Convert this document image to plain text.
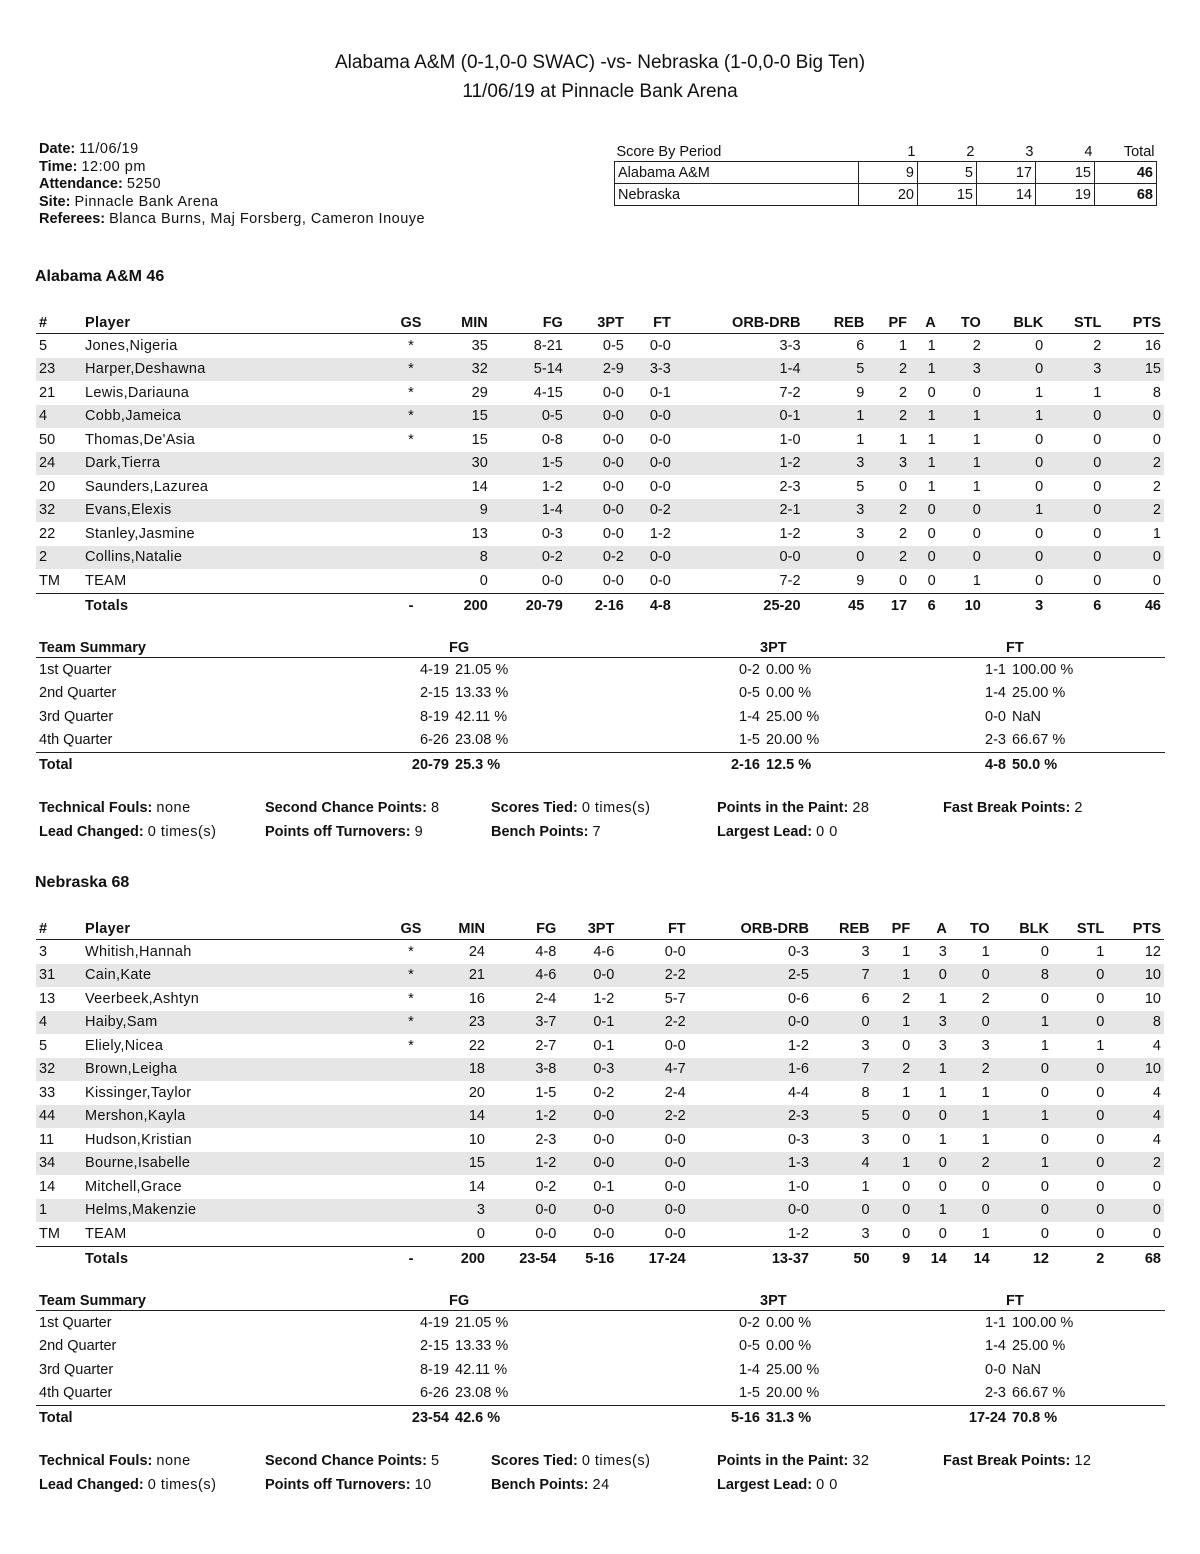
Alabama A&M (0-1,0-0 SWAC) -vs- Nebraska (1-0,0-0 Big Ten)
11/06/19 at Pinnacle Bank Arena
Date: 11/06/19
Time: 12:00 pm
Attendance: 5250
Site: Pinnacle Bank Arena
Referees: Blanca Burns, Maj Forsberg, Cameron Inouye
Score By Period	1	2	3	4	Total
Alabama A&M	9	5	17	15	46
Nebraska	20	15	14	19	68
Alabama A&M 46
#	Player	GS	MIN	FG	3PT	FT	ORB-DRB	REB	PF	A	TO	BLK	STL	PTS
5	Jones,Nigeria	*	35	8-21	0-5	0-0	3-3	6	1	1	2	0	2	16
23	Harper,Deshawna	*	32	5-14	2-9	3-3	1-4	5	2	1	3	0	3	15
21	Lewis,Dariauna	*	29	4-15	0-0	0-1	7-2	9	2	0	0	1	1	8
4	Cobb,Jameica	*	15	0-5	0-0	0-0	0-1	1	2	1	1	1	0	0
50	Thomas,De'Asia	*	15	0-8	0-0	0-0	1-0	1	1	1	1	0	0	0
24	Dark,Tierra		30	1-5	0-0	0-0	1-2	3	3	1	1	0	0	2
20	Saunders,Lazurea		14	1-2	0-0	0-0	2-3	5	0	1	1	0	0	2
32	Evans,Elexis		9	1-4	0-0	0-2	2-1	3	2	0	0	1	0	2
22	Stanley,Jasmine		13	0-3	0-0	1-2	1-2	3	2	0	0	0	0	1
2	Collins,Natalie		8	0-2	0-2	0-0	0-0	0	2	0	0	0	0	0
TM	TEAM		0	0-0	0-0	0-0	7-2	9	0	0	1	0	0	0
	Totals	-	200	20-79	2-16	4-8	25-20	45	17	6	10	3	6	46
Team Summary		FG		3PT		FT
1st Quarter	4-19	21.05 %	0-2	0.00 %	1-1	100.00 %
2nd Quarter	2-15	13.33 %	0-5	0.00 %	1-4	25.00 %
3rd Quarter	8-19	42.11 %	1-4	25.00 %	0-0	NaN
4th Quarter	6-26	23.08 %	1-5	20.00 %	2-3	66.67 %
Total	20-79	25.3 %	2-16	12.5 %	4-8	50.0 %
Technical Fouls: none	Second Chance Points: 8	Scores Tied: 0 times(s)	Points in the Paint: 28	Fast Break Points: 2
Lead Changed: 0 times(s)	Points off Turnovers: 9	Bench Points: 7	Largest Lead: 0 0
Nebraska 68
#	Player	GS	MIN	FG	3PT	FT	ORB-DRB	REB	PF	A	TO	BLK	STL	PTS
3	Whitish,Hannah	*	24	4-8	4-6	0-0	0-3	3	1	3	1	0	1	12
31	Cain,Kate	*	21	4-6	0-0	2-2	2-5	7	1	0	0	8	0	10
13	Veerbeek,Ashtyn	*	16	2-4	1-2	5-7	0-6	6	2	1	2	0	0	10
4	Haiby,Sam	*	23	3-7	0-1	2-2	0-0	0	1	3	0	1	0	8
5	Eliely,Nicea	*	22	2-7	0-1	0-0	1-2	3	0	3	3	1	1	4
32	Brown,Leigha		18	3-8	0-3	4-7	1-6	7	2	1	2	0	0	10
33	Kissinger,Taylor		20	1-5	0-2	2-4	4-4	8	1	1	1	0	0	4
44	Mershon,Kayla		14	1-2	0-0	2-2	2-3	5	0	0	1	1	0	4
11	Hudson,Kristian		10	2-3	0-0	0-0	0-3	3	0	1	1	0	0	4
34	Bourne,Isabelle		15	1-2	0-0	0-0	1-3	4	1	0	2	1	0	2
14	Mitchell,Grace		14	0-2	0-1	0-0	1-0	1	0	0	0	0	0	0
1	Helms,Makenzie		3	0-0	0-0	0-0	0-0	0	0	1	0	0	0	0
TM	TEAM		0	0-0	0-0	0-0	1-2	3	0	0	1	0	0	0
	Totals	-	200	23-54	5-16	17-24	13-37	50	9	14	14	12	2	68
Team Summary		FG		3PT		FT
1st Quarter	4-19	21.05 %	0-2	0.00 %	1-1	100.00 %
2nd Quarter	2-15	13.33 %	0-5	0.00 %	1-4	25.00 %
3rd Quarter	8-19	42.11 %	1-4	25.00 %	0-0	NaN
4th Quarter	6-26	23.08 %	1-5	20.00 %	2-3	66.67 %
Total	23-54	42.6 %	5-16	31.3 %	17-24	70.8 %
Technical Fouls: none	Second Chance Points: 5	Scores Tied: 0 times(s)	Points in the Paint: 32	Fast Break Points: 12
Lead Changed: 0 times(s)	Points off Turnovers: 10	Bench Points: 24	Largest Lead: 0 0
